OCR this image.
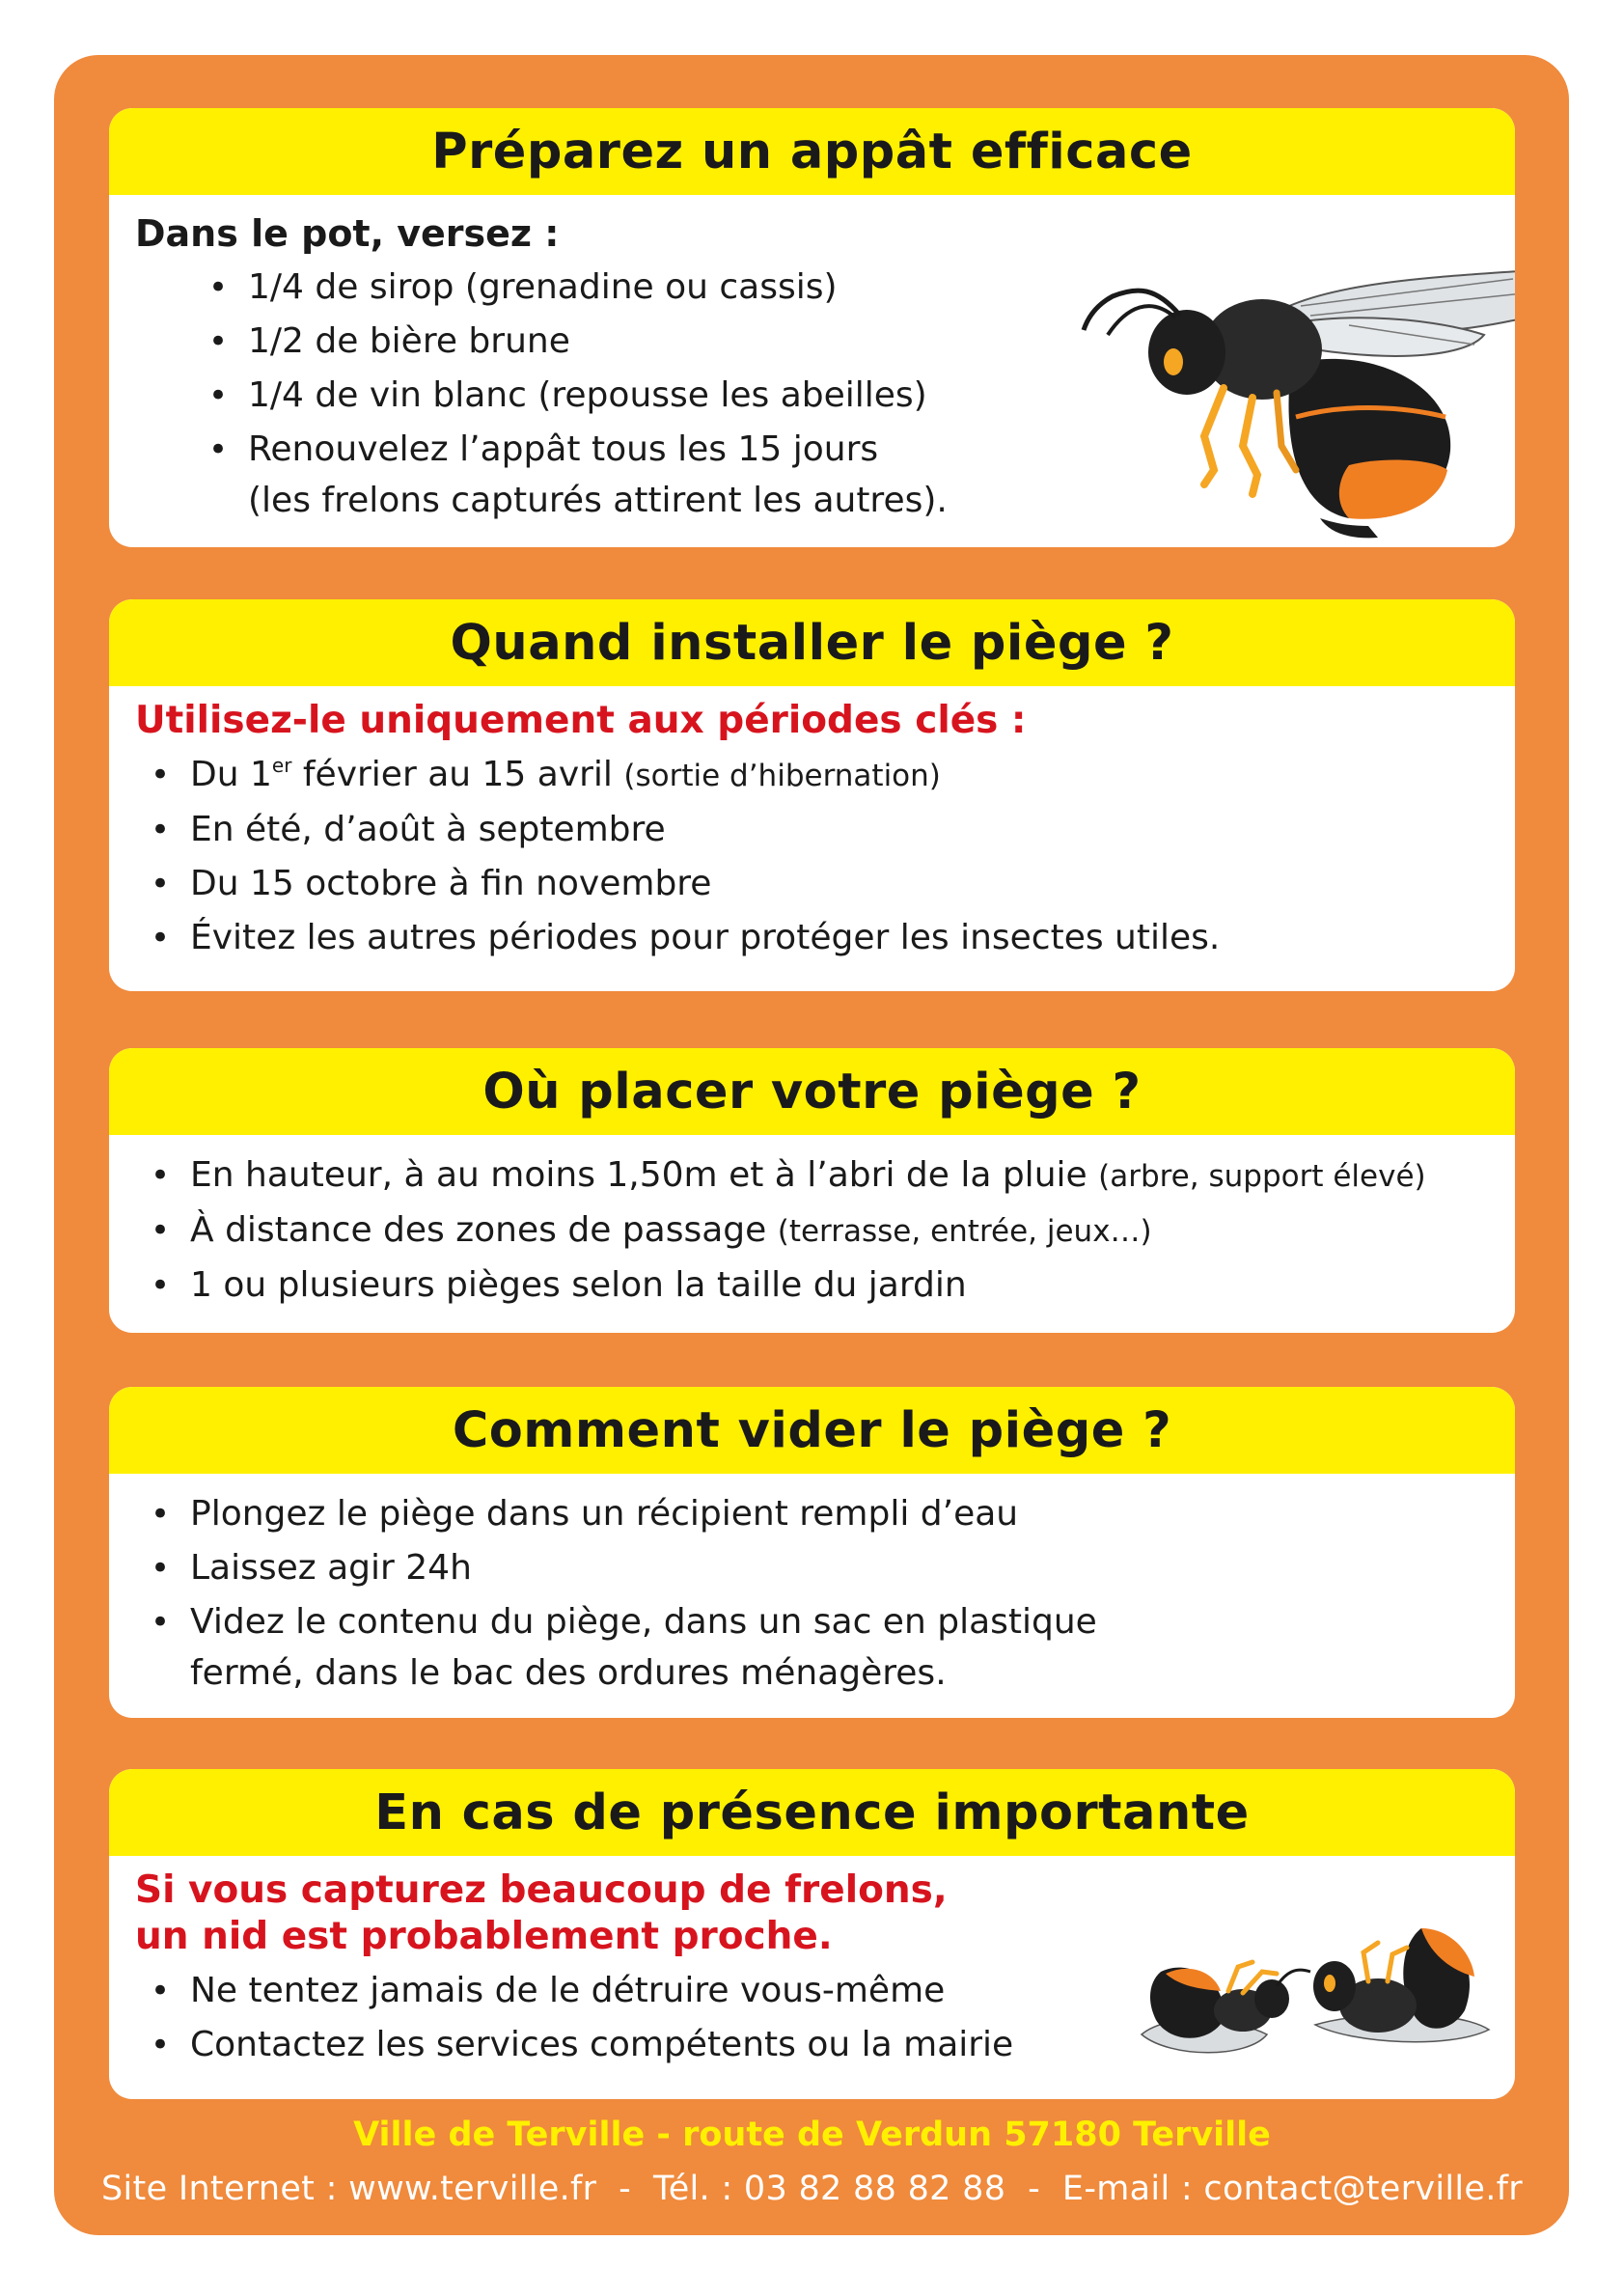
Préparez un appât efficace

Dans le pot, versez :

• 1/4 de sirop (grenadine ou cassis)
• 1/2 de bière brune
• 1/4 de vin blanc (repousse les abeilles)
• Renouvelez l’appât tous les 15 jours
(les frelons capturés attirent les autres).
Quand installer le piège ?

Utilisez-le uniquement aux périodes clés :

• Du 1er février au 15 avril (sortie d’hibernation)
• En été, d’août à septembre
• Du 15 octobre à fin novembre
• Évitez les autres périodes pour protéger les insectes utiles.
Où placer votre piège ?
• En hauteur, à au moins 1,50m et à l’abri de la pluie (arbre, support élevé)
• À distance des zones de passage (terrasse, entrée, jeux…)
• 1 ou plusieurs pièges selon la taille du jardin
Comment vider le piège ?
• Plongez le piège dans un récipient rempli d’eau
• Laissez agir 24h
• Videz le contenu du piège, dans un sac en plastique
fermé, dans le bac des ordures ménagères.
En cas de présence importante

Si vous capturez beaucoup de frelons,

un nid est probablement proche.

• Ne tentez jamais de le détruire vous-même
• Contactez les services compétents ou la mairie
Ville de Terville - route de Verdun 57180 Terville
Site Internet : www.terville.fr  -  Tél. : 03 82 88 82 88  -  E-mail : contact@terville.fr
